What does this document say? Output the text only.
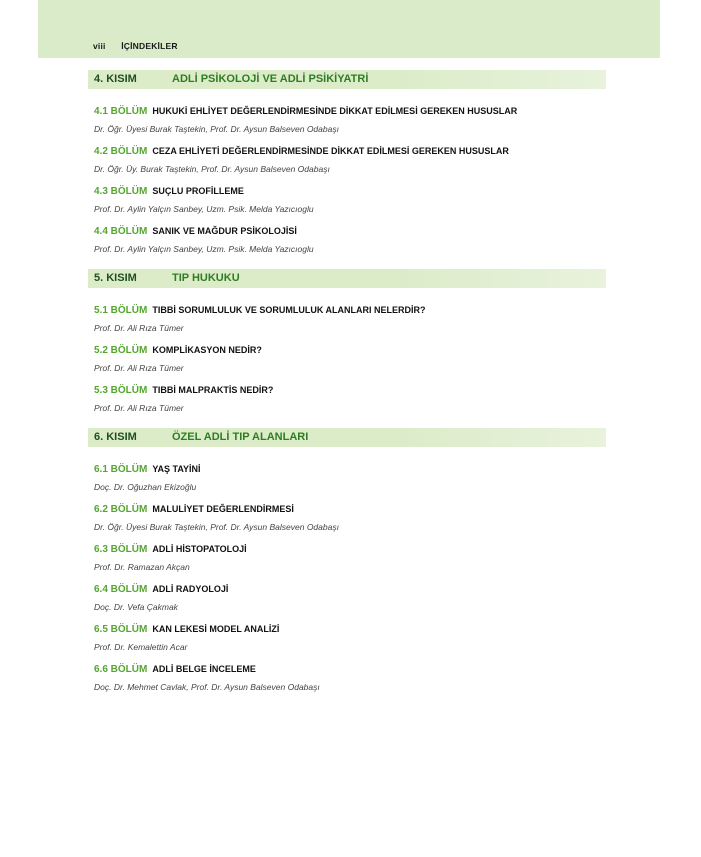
viii İÇİNDEKİLER
4. KISIM	ADLİ PSİKOLOJİ VE ADLİ PSİKİYATRİ
4.1 BÖLÜM HUKUKİ EHLİYET DEĞERLENDİRMESİNDE DİKKAT EDİLMESİ GEREKEN HUSUSLAR
Dr. Öğr. Üyesi Burak Taştekin, Prof. Dr. Aysun Balseven Odabaşı
4.2 BÖLÜM CEZA EHLİYETİ DEĞERLENDİRMESİNDE DİKKAT EDİLMESİ GEREKEN HUSUSLAR
Dr. Öğr. Üy. Burak Taştekin, Prof. Dr. Aysun Balseven Odabaşı
4.3 BÖLÜM SUÇLU PROFİLLEME
Prof. Dr. Aylin Yalçın Sanbey, Uzm. Psik. Melda Yazıcıoglu
4.4 BÖLÜM SANIK VE MAĞDUR PSİKOLOJİSİ
Prof. Dr. Aylin Yalçın Sanbey, Uzm. Psik. Melda Yazıcıoglu
5. KISIM	TIP HUKUKU
5.1 BÖLÜM TIBBİ SORUMLULUK VE SORUMLULUK ALANLARI NELERDİR?
Prof. Dr. Ali Rıza Tümer
5.2 BÖLÜM KOMPLİKASYON NEDİR?
Prof. Dr. Ali Rıza Tümer
5.3 BÖLÜM TIBBİ MALPRAKTİS NEDİR?
Prof. Dr. Ali Rıza Tümer
6. KISIM	ÖZEL ADLİ TIP ALANLARI
6.1 BÖLÜM YAŞ TAYİNİ
Doç. Dr. Oğuzhan Ekizoğlu
6.2 BÖLÜM MALULİYET DEĞERLENDİRMESİ
Dr. Öğr. Üyesi Burak Taştekin, Prof. Dr. Aysun Balseven Odabaşı
6.3 BÖLÜM ADLİ HİSTOPATOLOJİ
Prof. Dr. Ramazan Akçan
6.4 BÖLÜM ADLİ RADYOLOJİ
Doç. Dr. Vefa Çakmak
6.5 BÖLÜM KAN LEKESİ MODEL ANALİZİ
Prof. Dr. Kemalettin Acar
6.6 BÖLÜM ADLİ BELGE İNCELEME
Doç. Dr. Mehmet Cavlak, Prof. Dr. Aysun Balseven Odabaşı
